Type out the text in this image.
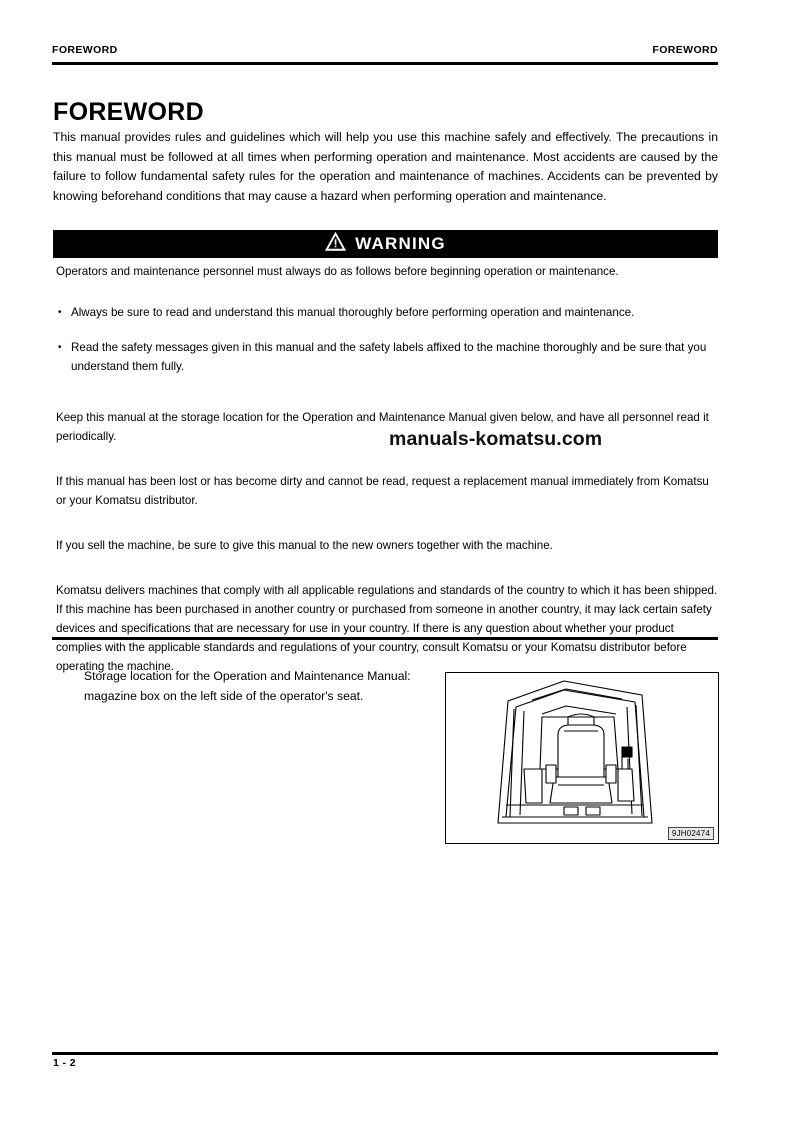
FOREWORD	FOREWORD
FOREWORD
This manual provides rules and guidelines which will help you use this machine safely and effectively. The precautions in this manual must be followed at all times when performing operation and maintenance. Most accidents are caused by the failure to follow fundamental safety rules for the operation and maintenance of machines. Accidents can be prevented by knowing beforehand conditions that may cause a hazard when performing operation and maintenance.
WARNING

Operators and maintenance personnel must always do as follows before beginning operation or maintenance.

• Always be sure to read and understand this manual thoroughly before performing operation and maintenance.
• Read the safety messages given in this manual and the safety labels affixed to the machine thoroughly and be sure that you understand them fully.

Keep this manual at the storage location for the Operation and Maintenance Manual given below, and have all personnel read it periodically.

If this manual has been lost or has become dirty and cannot be read, request a replacement manual immediately from Komatsu or your Komatsu distributor.

If you sell the machine, be sure to give this manual to the new owners together with the machine.

Komatsu delivers machines that comply with all applicable regulations and standards of the country to which it has been shipped. If this machine has been purchased in another country or purchased from someone in another country, it may lack certain safety devices and specifications that are necessary for use in your country. If there is any question about whether your product complies with the applicable standards and regulations of your country, consult Komatsu or your Komatsu distributor before operating the machine.

manuals-komatsu.com
Storage location for the Operation and Maintenance Manual: magazine box on the left side of the operator's seat.
9JH02474
1 - 2
